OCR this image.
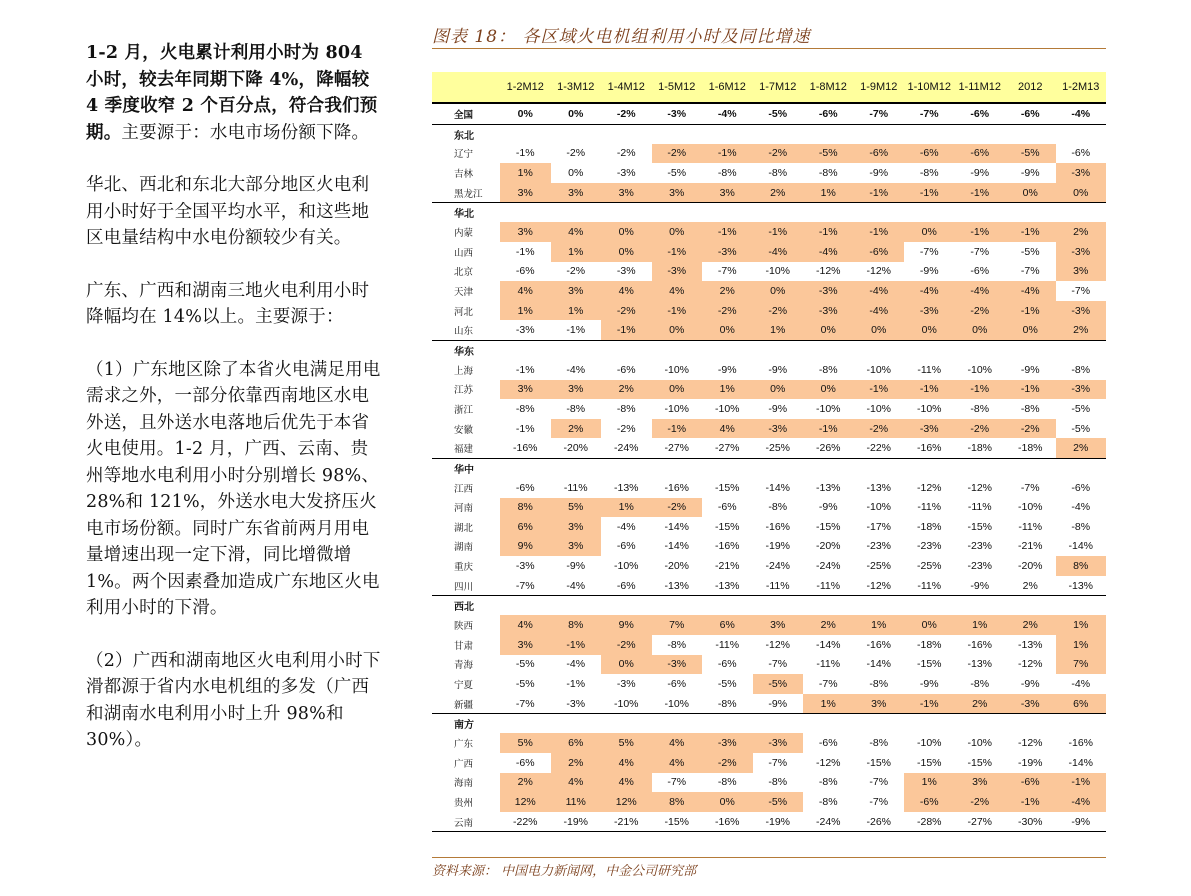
1-2 月，火电累计利用小时为 804 小时，较去年同期下降 4%，降幅较 4 季度收窄 2 个百分点，符合我们预期。主要源于：水电市场份额下降。

华北、西北和东北大部分地区火电利用小时好于全国平均水平，和这些地区电量结构中水电份额较少有关。

广东、广西和湖南三地火电利用小时降幅均在 14%以上。主要源于：

（1）广东地区除了本省火电满足用电需求之外，一部分依靠西南地区水电外送，且外送水电落地后优先于本省火电使用。1-2 月，广西、云南、贵州等地水电利用小时分别增长 98%、28%和 121%，外送水电大发挤压火电市场份额。同时广东省前两月用电量增速出现一定下滑，同比增微增 1%。两个因素叠加造成广东地区火电利用小时的下滑。

（2）广西和湖南地区火电利用小时下滑都源于省内水电机组的多发（广西和湖南水电利用小时上升 98%和 30%）。

图表 18： 各区域火电机组利用小时及同比增速
	1-2M12	1-3M12	1-4M12	1-5M12	1-6M12	1-7M12	1-8M12	1-9M12	1-10M12	1-11M12	2012	1-2M13
全国	0%	0%	-2%	-3%	-4%	-5%	-6%	-7%	-7%	-6%	-6%	-4%
东北												
辽宁	-1%	-2%	-2%	-2%	-1%	-2%	-5%	-6%	-6%	-6%	-5%	-6%
吉林	1%	0%	-3%	-5%	-8%	-8%	-8%	-9%	-8%	-9%	-9%	-3%
黑龙江	3%	3%	3%	3%	3%	2%	1%	-1%	-1%	-1%	0%	0%
华北												
内蒙	3%	4%	0%	0%	-1%	-1%	-1%	-1%	0%	-1%	-1%	2%
山西	-1%	1%	0%	-1%	-3%	-4%	-4%	-6%	-7%	-7%	-5%	-3%
北京	-6%	-2%	-3%	-3%	-7%	-10%	-12%	-12%	-9%	-6%	-7%	3%
天津	4%	3%	4%	4%	2%	0%	-3%	-4%	-4%	-4%	-4%	-7%
河北	1%	1%	-2%	-1%	-2%	-2%	-3%	-4%	-3%	-2%	-1%	-3%
山东	-3%	-1%	-1%	0%	0%	1%	0%	0%	0%	0%	0%	2%
华东												
上海	-1%	-4%	-6%	-10%	-9%	-9%	-8%	-10%	-11%	-10%	-9%	-8%
江苏	3%	3%	2%	0%	1%	0%	0%	-1%	-1%	-1%	-1%	-3%
浙江	-8%	-8%	-8%	-10%	-10%	-9%	-10%	-10%	-10%	-8%	-8%	-5%
安徽	-1%	2%	-2%	-1%	4%	-3%	-1%	-2%	-3%	-2%	-2%	-5%
福建	-16%	-20%	-24%	-27%	-27%	-25%	-26%	-22%	-16%	-18%	-18%	2%
华中												
江西	-6%	-11%	-13%	-16%	-15%	-14%	-13%	-13%	-12%	-12%	-7%	-6%
河南	8%	5%	1%	-2%	-6%	-8%	-9%	-10%	-11%	-11%	-10%	-4%
湖北	6%	3%	-4%	-14%	-15%	-16%	-15%	-17%	-18%	-15%	-11%	-8%
湖南	9%	3%	-6%	-14%	-16%	-19%	-20%	-23%	-23%	-23%	-21%	-14%
重庆	-3%	-9%	-10%	-20%	-21%	-24%	-24%	-25%	-25%	-23%	-20%	8%
四川	-7%	-4%	-6%	-13%	-13%	-11%	-11%	-12%	-11%	-9%	2%	-13%
西北												
陕西	4%	8%	9%	7%	6%	3%	2%	1%	0%	1%	2%	1%
甘肃	3%	-1%	-2%	-8%	-11%	-12%	-14%	-16%	-18%	-16%	-13%	1%
青海	-5%	-4%	0%	-3%	-6%	-7%	-11%	-14%	-15%	-13%	-12%	7%
宁夏	-5%	-1%	-3%	-6%	-5%	-5%	-7%	-8%	-9%	-8%	-9%	-4%
新疆	-7%	-3%	-10%	-10%	-8%	-9%	1%	3%	-1%	2%	-3%	6%
南方												
广东	5%	6%	5%	4%	-3%	-3%	-6%	-8%	-10%	-10%	-12%	-16%
广西	-6%	2%	4%	4%	-2%	-7%	-12%	-15%	-15%	-15%	-19%	-14%
海南	2%	4%	4%	-7%	-8%	-8%	-8%	-7%	1%	3%	-6%	-1%
贵州	12%	11%	12%	8%	0%	-5%	-8%	-7%	-6%	-2%	-1%	-4%
云南	-22%	-19%	-21%	-15%	-16%	-19%	-24%	-26%	-28%	-27%	-30%	-9%
资料来源： 中国电力新闻网，中金公司研究部
